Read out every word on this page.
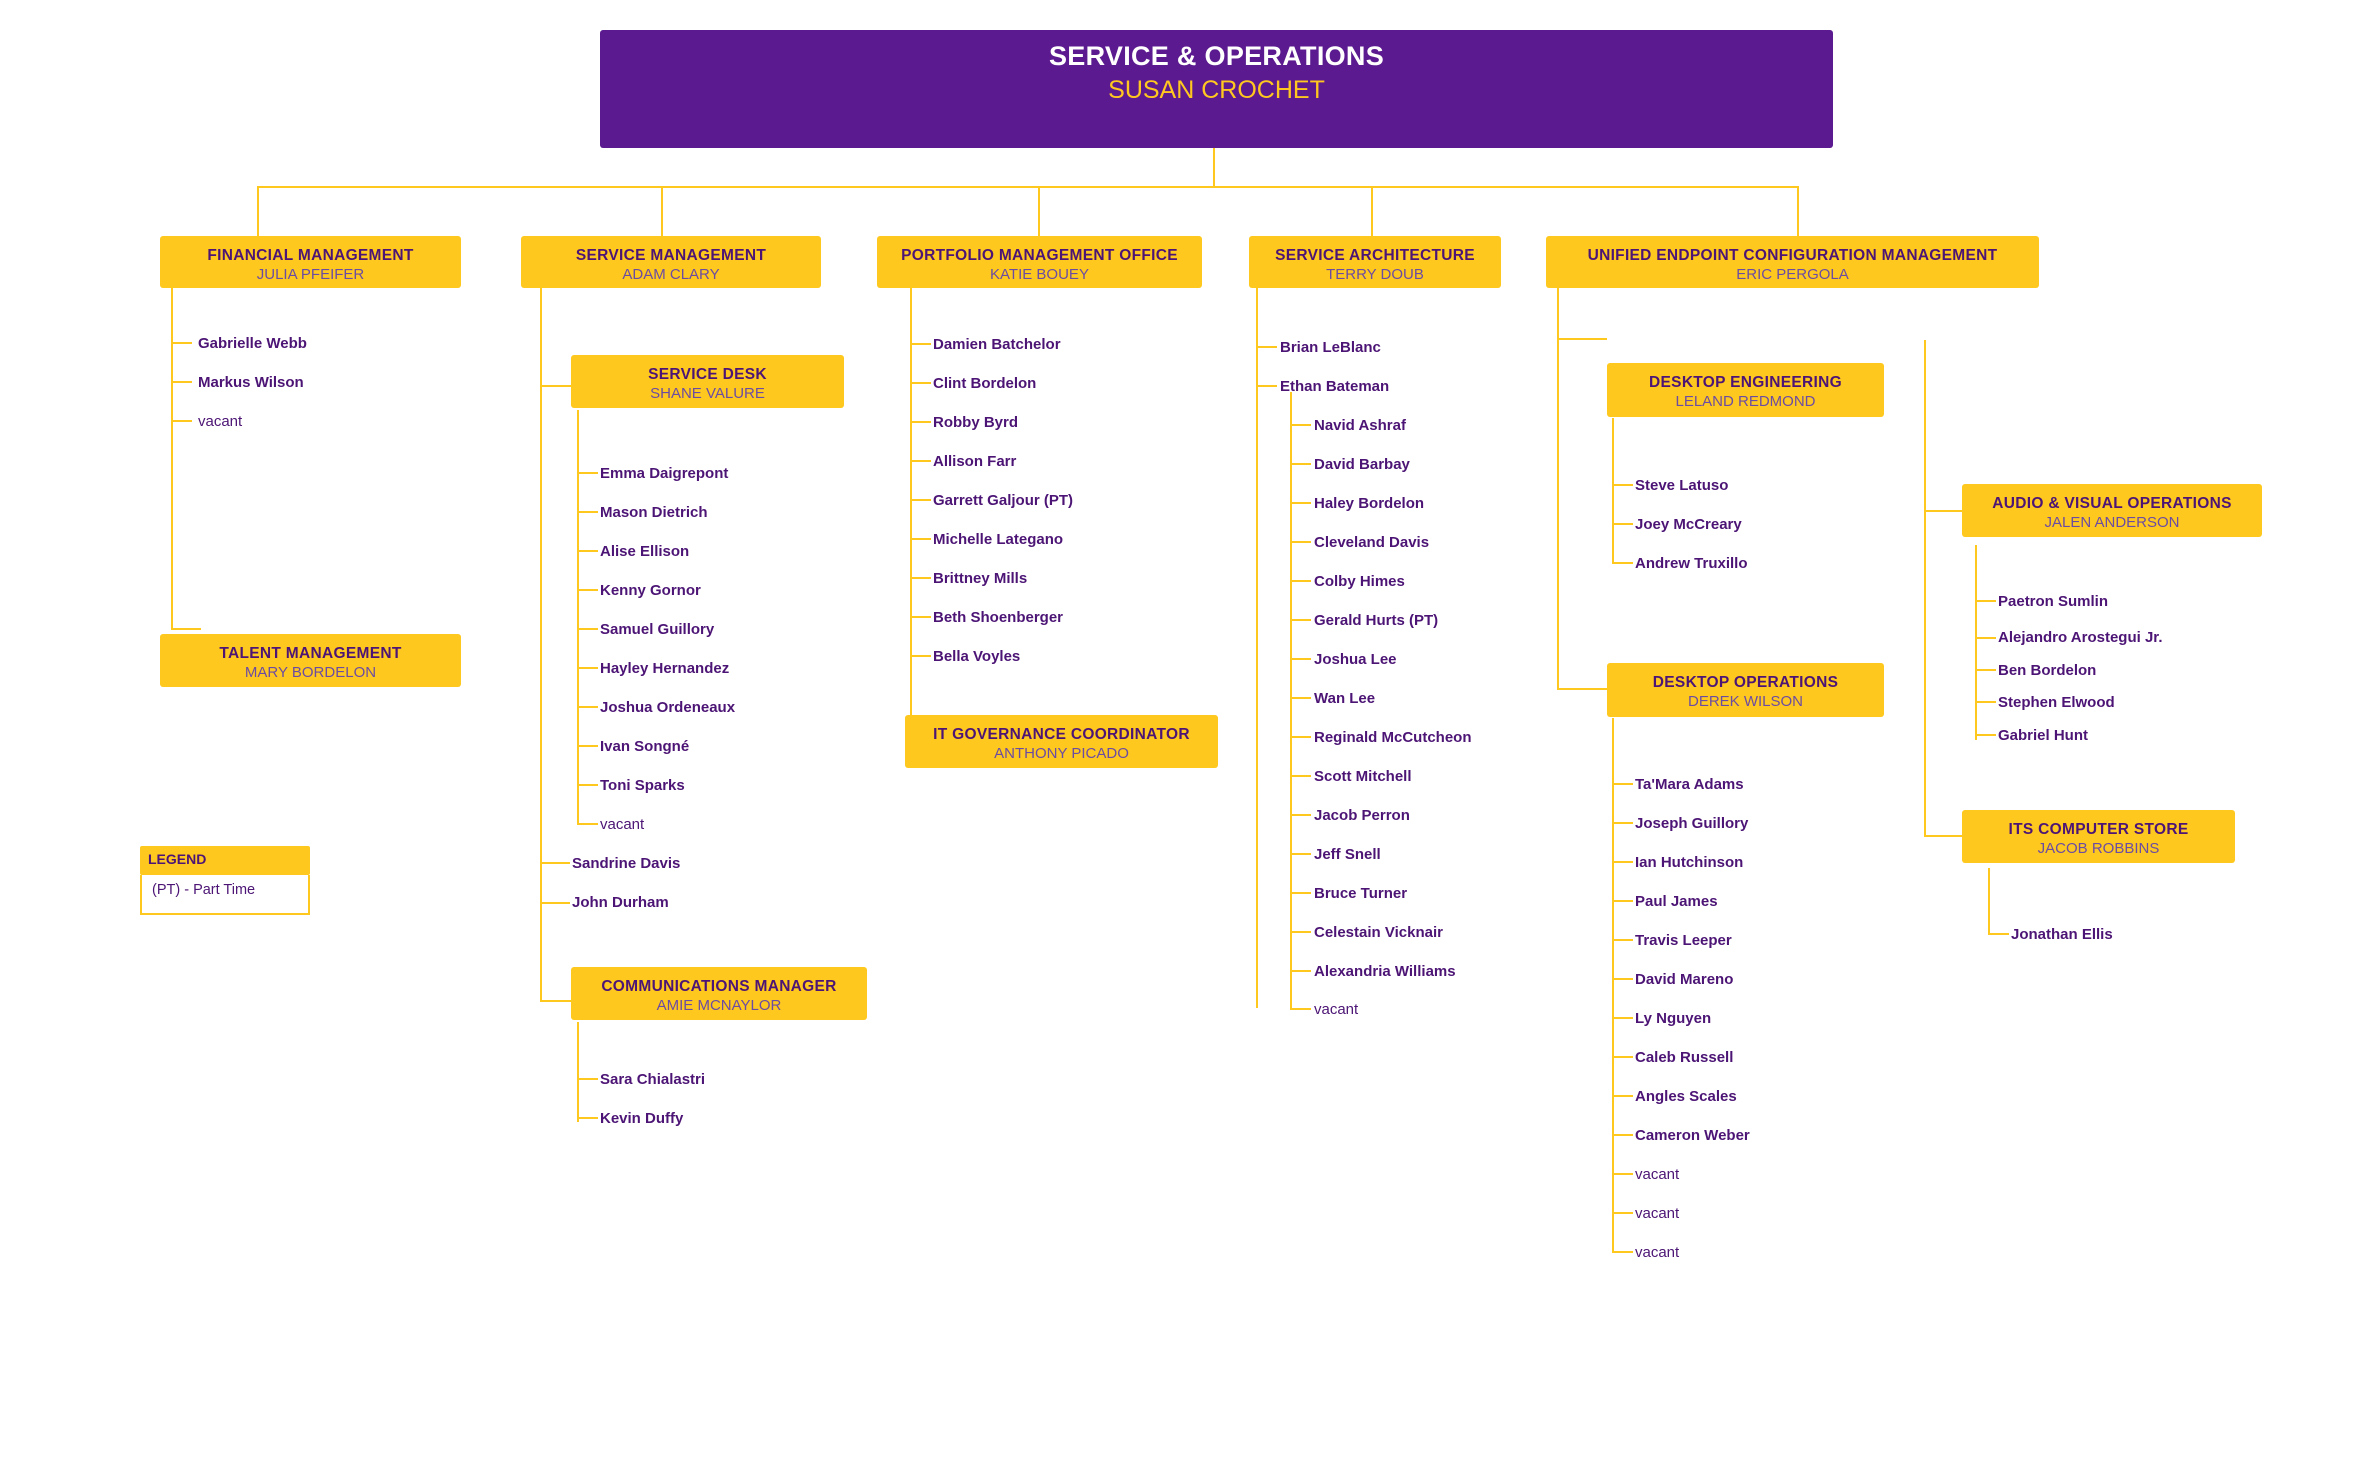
SERVICE & OPERATIONS
SUSAN CROCHET
FINANCIAL MANAGEMENT
JULIA PFEIFER
SERVICE MANAGEMENT
ADAM CLARY
PORTFOLIO MANAGEMENT OFFICE
KATIE BOUEY
SERVICE ARCHITECTURE
TERRY DOUB
UNIFIED ENDPOINT CONFIGURATION MANAGEMENT
ERIC PERGOLA
TALENT MANAGEMENT
MARY BORDELON
SERVICE DESK
SHANE VALURE
COMMUNICATIONS MANAGER
AMIE MCNAYLOR
IT GOVERNANCE COORDINATOR
ANTHONY PICADO
DESKTOP ENGINEERING
LELAND REDMOND
DESKTOP OPERATIONS
DEREK WILSON
AUDIO & VISUAL OPERATIONS
JALEN ANDERSON
ITS COMPUTER STORE
JACOB ROBBINS
Gabrielle Webb
Markus Wilson
vacant
Emma Daigrepont
Mason Dietrich
Alise Ellison
Kenny Gornor
Samuel Guillory
Hayley Hernandez
Joshua Ordeneaux
Ivan Songné
Toni Sparks
vacant
Sandrine Davis
John Durham
Sara Chialastri
Kevin Duffy
Damien Batchelor
Clint Bordelon
Robby Byrd
Allison Farr
Garrett Galjour (PT)
Michelle Lategano
Brittney Mills
Beth Shoenberger
Bella Voyles
Brian LeBlanc
Ethan Bateman
Navid Ashraf
David Barbay
Haley Bordelon
Cleveland Davis
Colby Himes
Gerald Hurts (PT)
Joshua Lee
Wan Lee
Reginald McCutcheon
Scott Mitchell
Jacob Perron
Jeff Snell
Bruce Turner
Celestain Vicknair
Alexandria Williams
vacant
Steve Latuso
Joey McCreary
Andrew Truxillo
Ta'Mara Adams
Joseph Guillory
Ian Hutchinson
Paul James
Travis Leeper
David Mareno
Ly Nguyen
Caleb Russell
Angles Scales
Cameron Weber
vacant
vacant
vacant
Paetron Sumlin
Alejandro Arostegui Jr.
Ben Bordelon
Stephen Elwood
Gabriel Hunt
Jonathan Ellis
LEGEND
(PT) - Part Time
